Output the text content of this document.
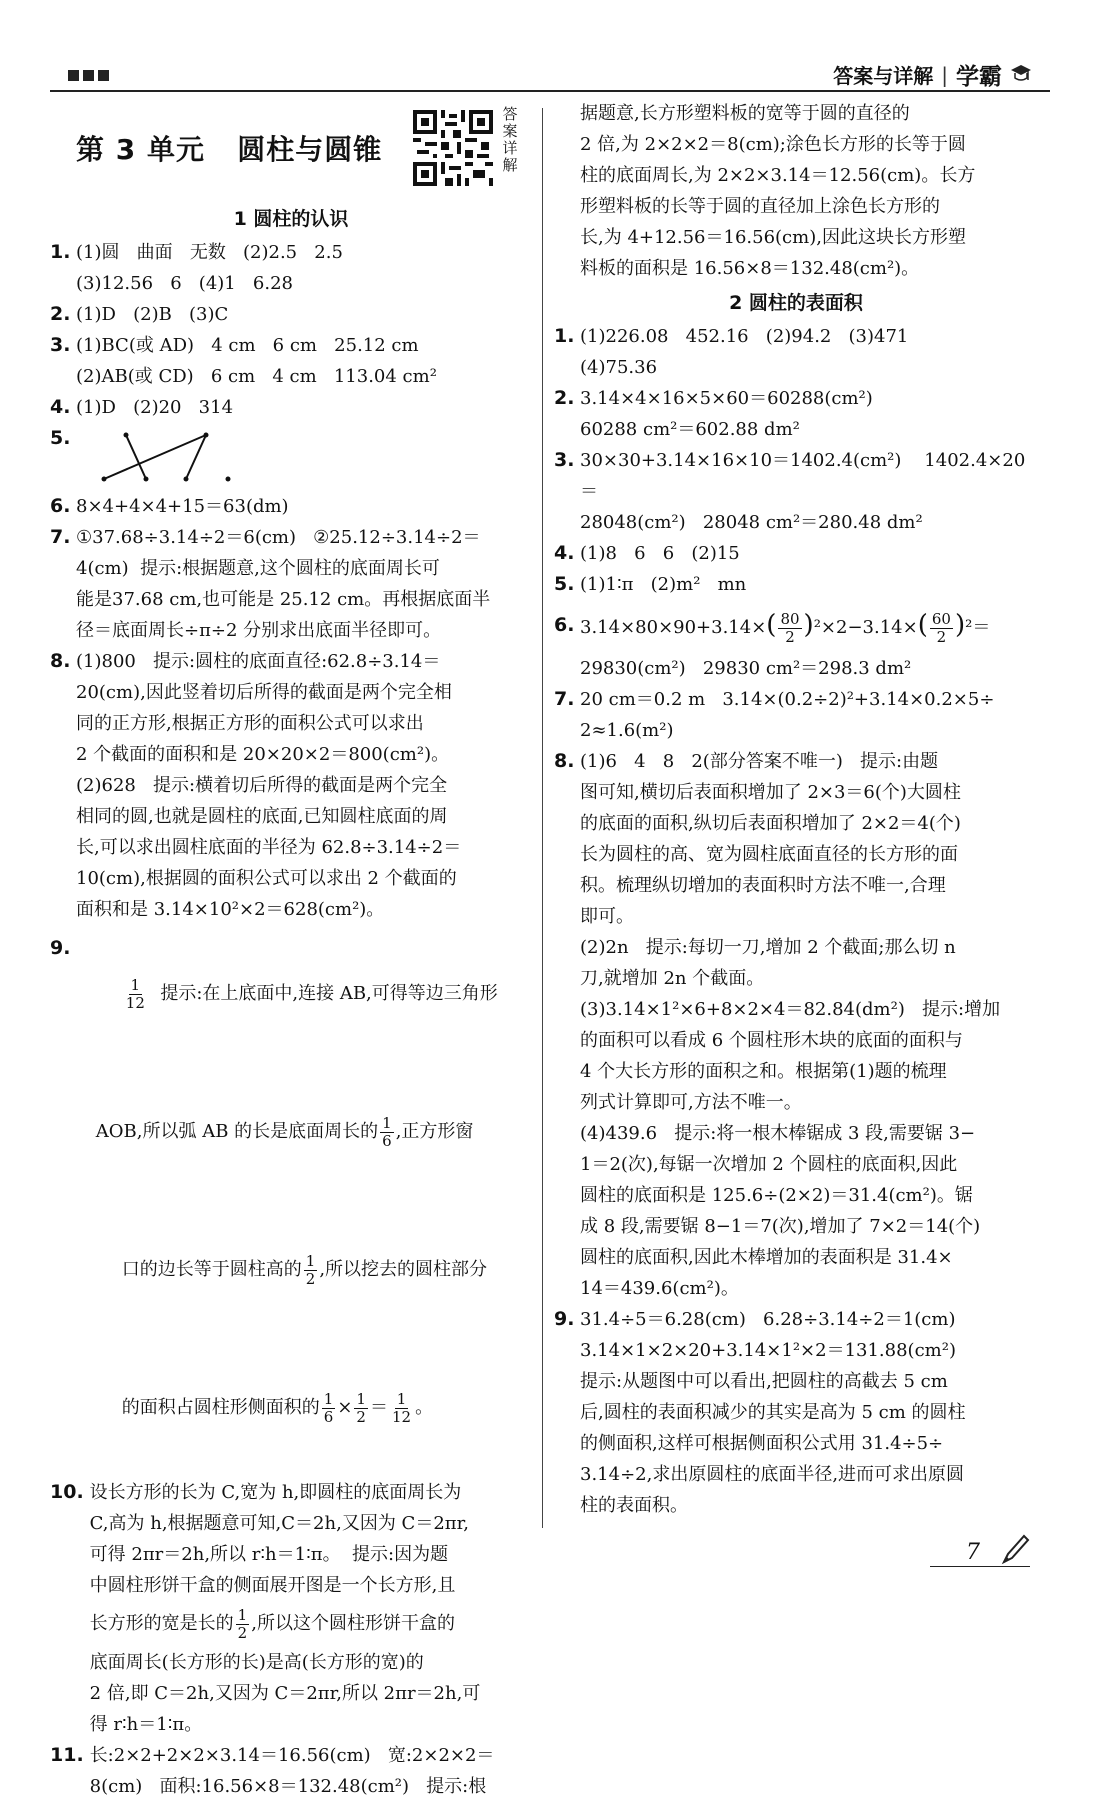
答案与详解 | 学霸
第 3 单元   圆柱与圆锥
答
案
详
解
1 圆柱的认识
1. (1)圆   曲面   无数   (2)2.5   2.5
(3)12.56   6   (4)1   6.28
2. (1)D   (2)B   (3)C
3. (1)BC(或 AD)   4 cm   6 cm   25.12 cm
(2)AB(或 CD)   6 cm   4 cm   113.04 cm²
4. (1)D   (2)20   314
5.
6. 8×4+4×4+15＝63(dm)
7. ①37.68÷3.14÷2＝6(cm)   ②25.12÷3.14÷2＝
4(cm)  提示:根据题意,这个圆柱的底面周长可
能是37.68 cm,也可能是 25.12 cm。再根据底面半
径＝底面周长÷π÷2 分别求出底面半径即可。
8. (1)800   提示:圆柱的底面直径:62.8÷3.14＝
20(cm),因此竖着切后所得的截面是两个完全相
同的正方形,根据正方形的面积公式可以求出
2 个截面的面积和是 20×20×2＝800(cm²)。
(2)628   提示:横着切后所得的截面是两个完全
相同的圆,也就是圆柱的底面,已知圆柱底面的周
长,可以求出圆柱底面的半径为 62.8÷3.14÷2＝
10(cm),根据圆的面积公式可以求出 2 个截面的
面积和是 3.14×10²×2＝628(cm²)。
9.

$\frac{1}{12}$ 提示:在上底面中,连接 AB,可得等边三角形

AOB,所以弧 AB 的长是底面周长的 $\frac{1}{6}$ ,正方形窗

口的边长等于圆柱高的 $\frac{1}{2}$ ,所以挖去的圆柱部分

的面积占圆柱形侧面积的 $\frac{1}{6} \times \frac{1}{2} = \frac{1}{12}$ 。

10. 设长方形的长为 C,宽为 h,即圆柱的底面周长为
C,高为 h,根据题意可知,C＝2h,又因为 C＝2πr,
可得 2πr＝2h,所以 r∶h＝1∶π。  提示:因为题
中圆柱形饼干盒的侧面展开图是一个长方形,且
长方形的宽是长的 $\frac{1}{2}$ ,所以这个圆柱形饼干盒的
底面周长(长方形的长)是高(长方形的宽)的
2 倍,即 C＝2h,又因为 C＝2πr,所以 2πr＝2h,可
得 r∶h＝1∶π。
11. 长:2×2+2×2×3.14＝16.56(cm)   宽:2×2×2＝
8(cm)   面积:16.56×8＝132.48(cm²)   提示:根
据题意,长方形塑料板的宽等于圆的直径的
2 倍,为 2×2×2＝8(cm);涂色长方形的长等于圆
柱的底面周长,为 2×2×3.14＝12.56(cm)。长方
形塑料板的长等于圆的直径加上涂色长方形的
长,为 4+12.56＝16.56(cm),因此这块长方形塑
料板的面积是 16.56×8＝132.48(cm²)。
2 圆柱的表面积
1. (1)226.08   452.16   (2)94.2   (3)471
(4)75.36
2. 3.14×4×16×5×60＝60288(cm²)
60288 cm²＝602.88 dm²
3. 30×30+3.14×16×10＝1402.4(cm²)    1402.4×20＝
28048(cm²)   28048 cm²＝280.48 dm²
4. (1)8   6   6   (2)15
5. (1)1∶π   (2)m²   mn
6. $3.14\times 80\times 90+3.14\times( \frac{80}{2} )^2\times 2-3.14\times( \frac{60}{2} )^2=$
29830(cm²)   29830 cm²＝298.3 dm²
7. 20 cm＝0.2 m   3.14×(0.2÷2)²+3.14×0.2×5÷
2≈1.6(m²)
8. (1)6   4   8   2(部分答案不唯一)   提示:由题
图可知,横切后表面积增加了 2×3＝6(个)大圆柱
的底面的面积,纵切后表面积增加了 2×2＝4(个)
长为圆柱的高、宽为圆柱底面直径的长方形的面
积。梳理纵切增加的表面积时方法不唯一,合理
即可。
(2)2n   提示:每切一刀,增加 2 个截面;那么切 n
刀,就增加 2n 个截面。
(3)3.14×1²×6+8×2×4＝82.84(dm²)   提示:增加
的面积可以看成 6 个圆柱形木块的底面的面积与
4 个大长方形的面积之和。根据第(1)题的梳理
列式计算即可,方法不唯一。
(4)439.6   提示:将一根木棒锯成 3 段,需要锯 3−
1＝2(次),每锯一次增加 2 个圆柱的底面积,因此
圆柱的底面积是 125.6÷(2×2)＝31.4(cm²)。锯
成 8 段,需要锯 8−1＝7(次),增加了 7×2＝14(个)
圆柱的底面积,因此木棒增加的表面积是 31.4×
14＝439.6(cm²)。
9. 31.4÷5＝6.28(cm)   6.28÷3.14÷2＝1(cm)
3.14×1×2×20+3.14×1²×2＝131.88(cm²)
提示:从题图中可以看出,把圆柱的高截去 5 cm
后,圆柱的表面积减少的其实是高为 5 cm 的圆柱
的侧面积,这样可根据侧面积公式用 31.4÷5÷
3.14÷2,求出原圆柱的底面半径,进而可求出原圆
柱的表面积。
7
